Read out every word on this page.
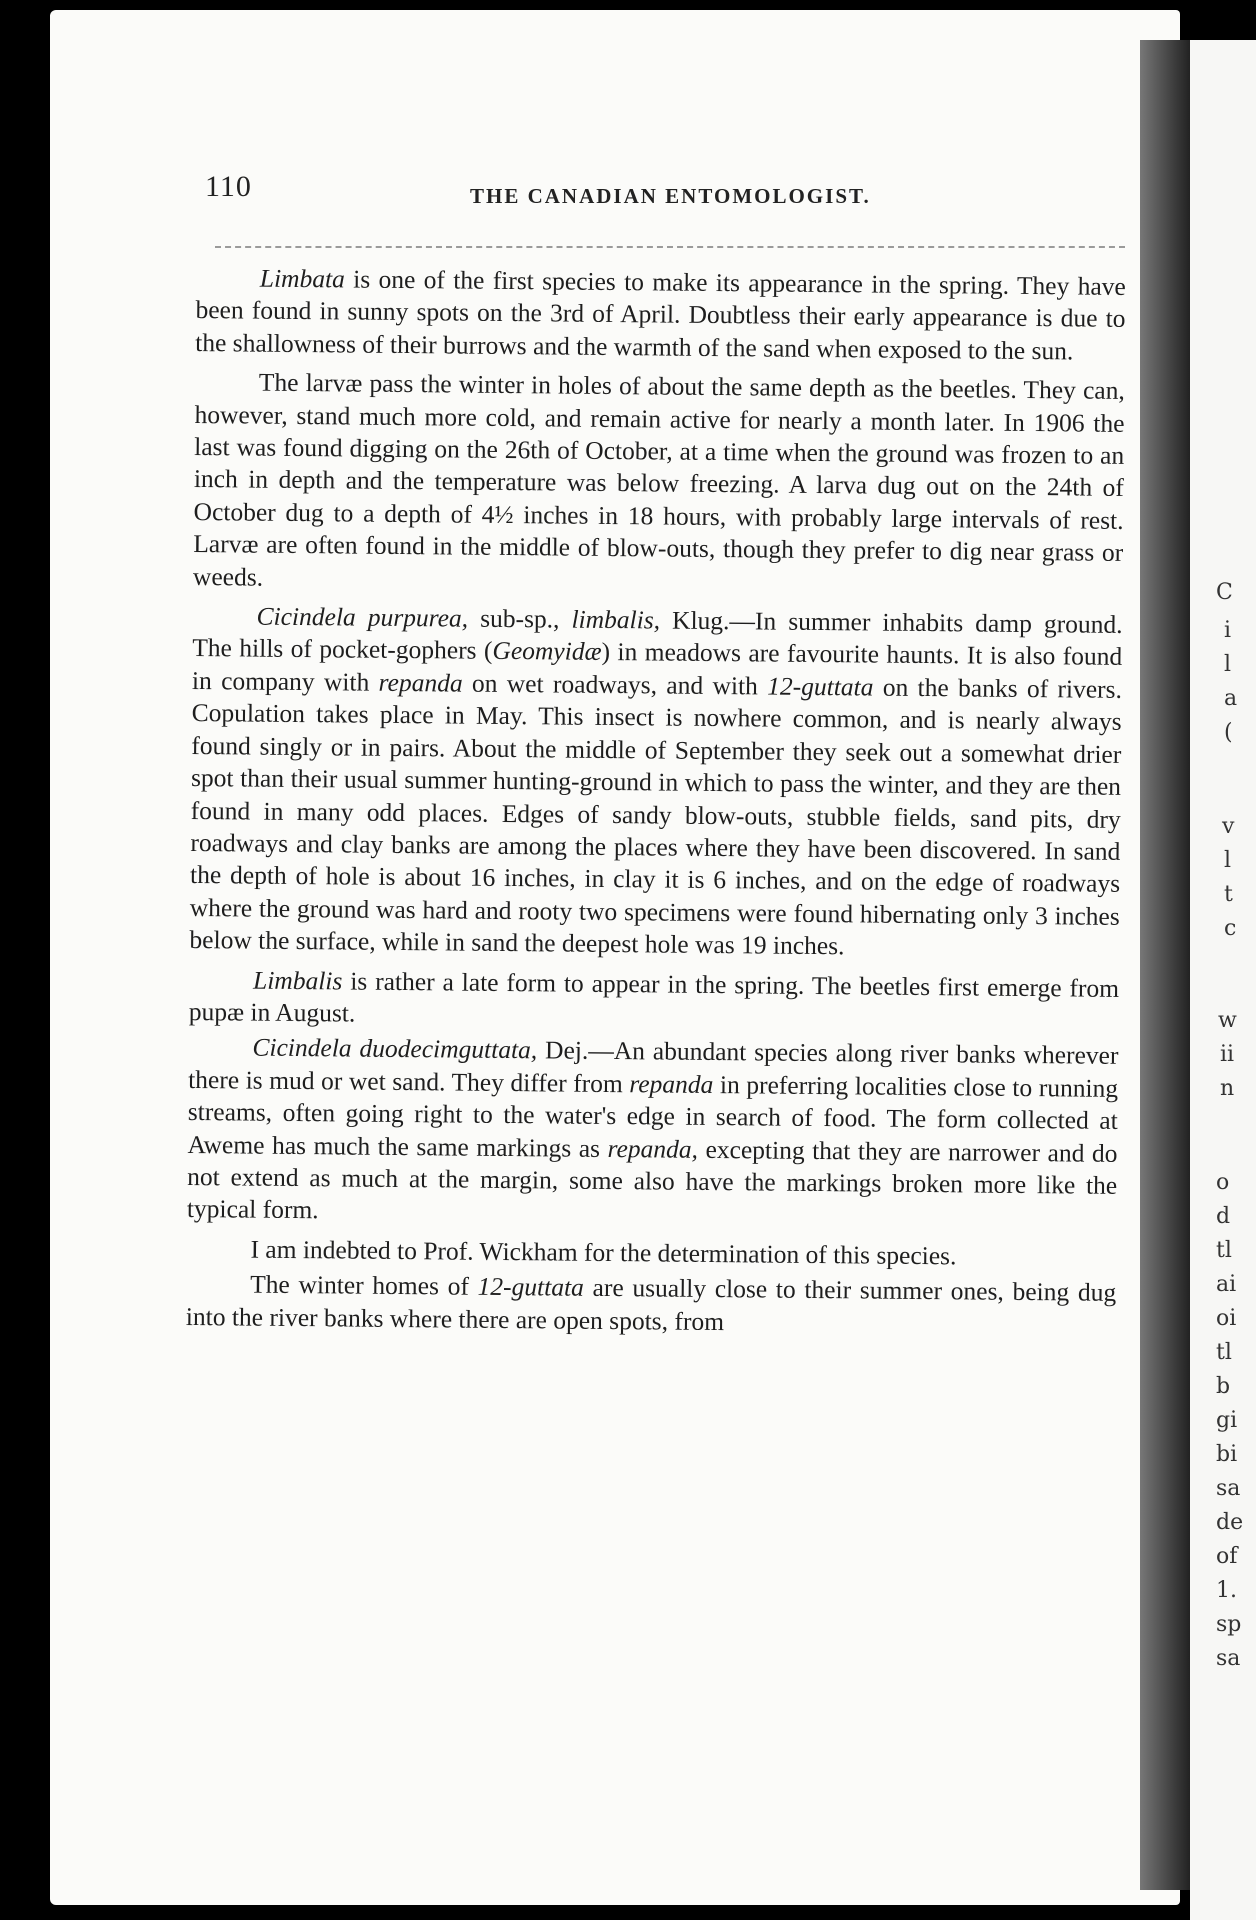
C
i
l
a
(
v
l
t
c
w
ii
n
o
d
tl
ai
oi
tl
b
gi
bi
sa
de
of
1.
sp
sa
110	THE CANADIAN ENTOMOLOGIST.

Limbata is one of the first species to make its appearance in the spring. They have been found in sunny spots on the 3rd of April. Doubtless their early appearance is due to the shallowness of their burrows and the warmth of the sand when exposed to the sun.

The larvæ pass the winter in holes of about the same depth as the beetles. They can, however, stand much more cold, and remain active for nearly a month later. In 1906 the last was found digging on the 26th of October, at a time when the ground was frozen to an inch in depth and the temperature was below freezing. A larva dug out on the 24th of October dug to a depth of 4½ inches in 18 hours, with probably large intervals of rest. Larvæ are often found in the middle of blow-outs, though they prefer to dig near grass or weeds.

Cicindela purpurea, sub-sp., limbalis, Klug.—In summer inhabits damp ground. The hills of pocket-gophers (Geomyidæ) in meadows are favourite haunts. It is also found in company with repanda on wet roadways, and with 12-guttata on the banks of rivers. Copulation takes place in May. This insect is nowhere common, and is nearly always found singly or in pairs. About the middle of September they seek out a somewhat drier spot than their usual summer hunting-ground in which to pass the winter, and they are then found in many odd places. Edges of sandy blow-outs, stubble fields, sand pits, dry roadways and clay banks are among the places where they have been discovered. In sand the depth of hole is about 16 inches, in clay it is 6 inches, and on the edge of roadways where the ground was hard and rooty two specimens were found hibernating only 3 inches below the surface, while in sand the deepest hole was 19 inches.

Limbalis is rather a late form to appear in the spring. The beetles first emerge from pupæ in August.

Cicindela duodecimguttata, Dej.—An abundant species along river banks wherever there is mud or wet sand. They differ from repanda in preferring localities close to running streams, often going right to the water's edge in search of food. The form collected at Aweme has much the same markings as repanda, excepting that they are narrower and do not extend as much at the margin, some also have the markings broken more like the typical form.

I am indebted to Prof. Wickham for the determination of this species.

The winter homes of 12-guttata are usually close to their summer ones, being dug into the river banks where there are open spots, from
